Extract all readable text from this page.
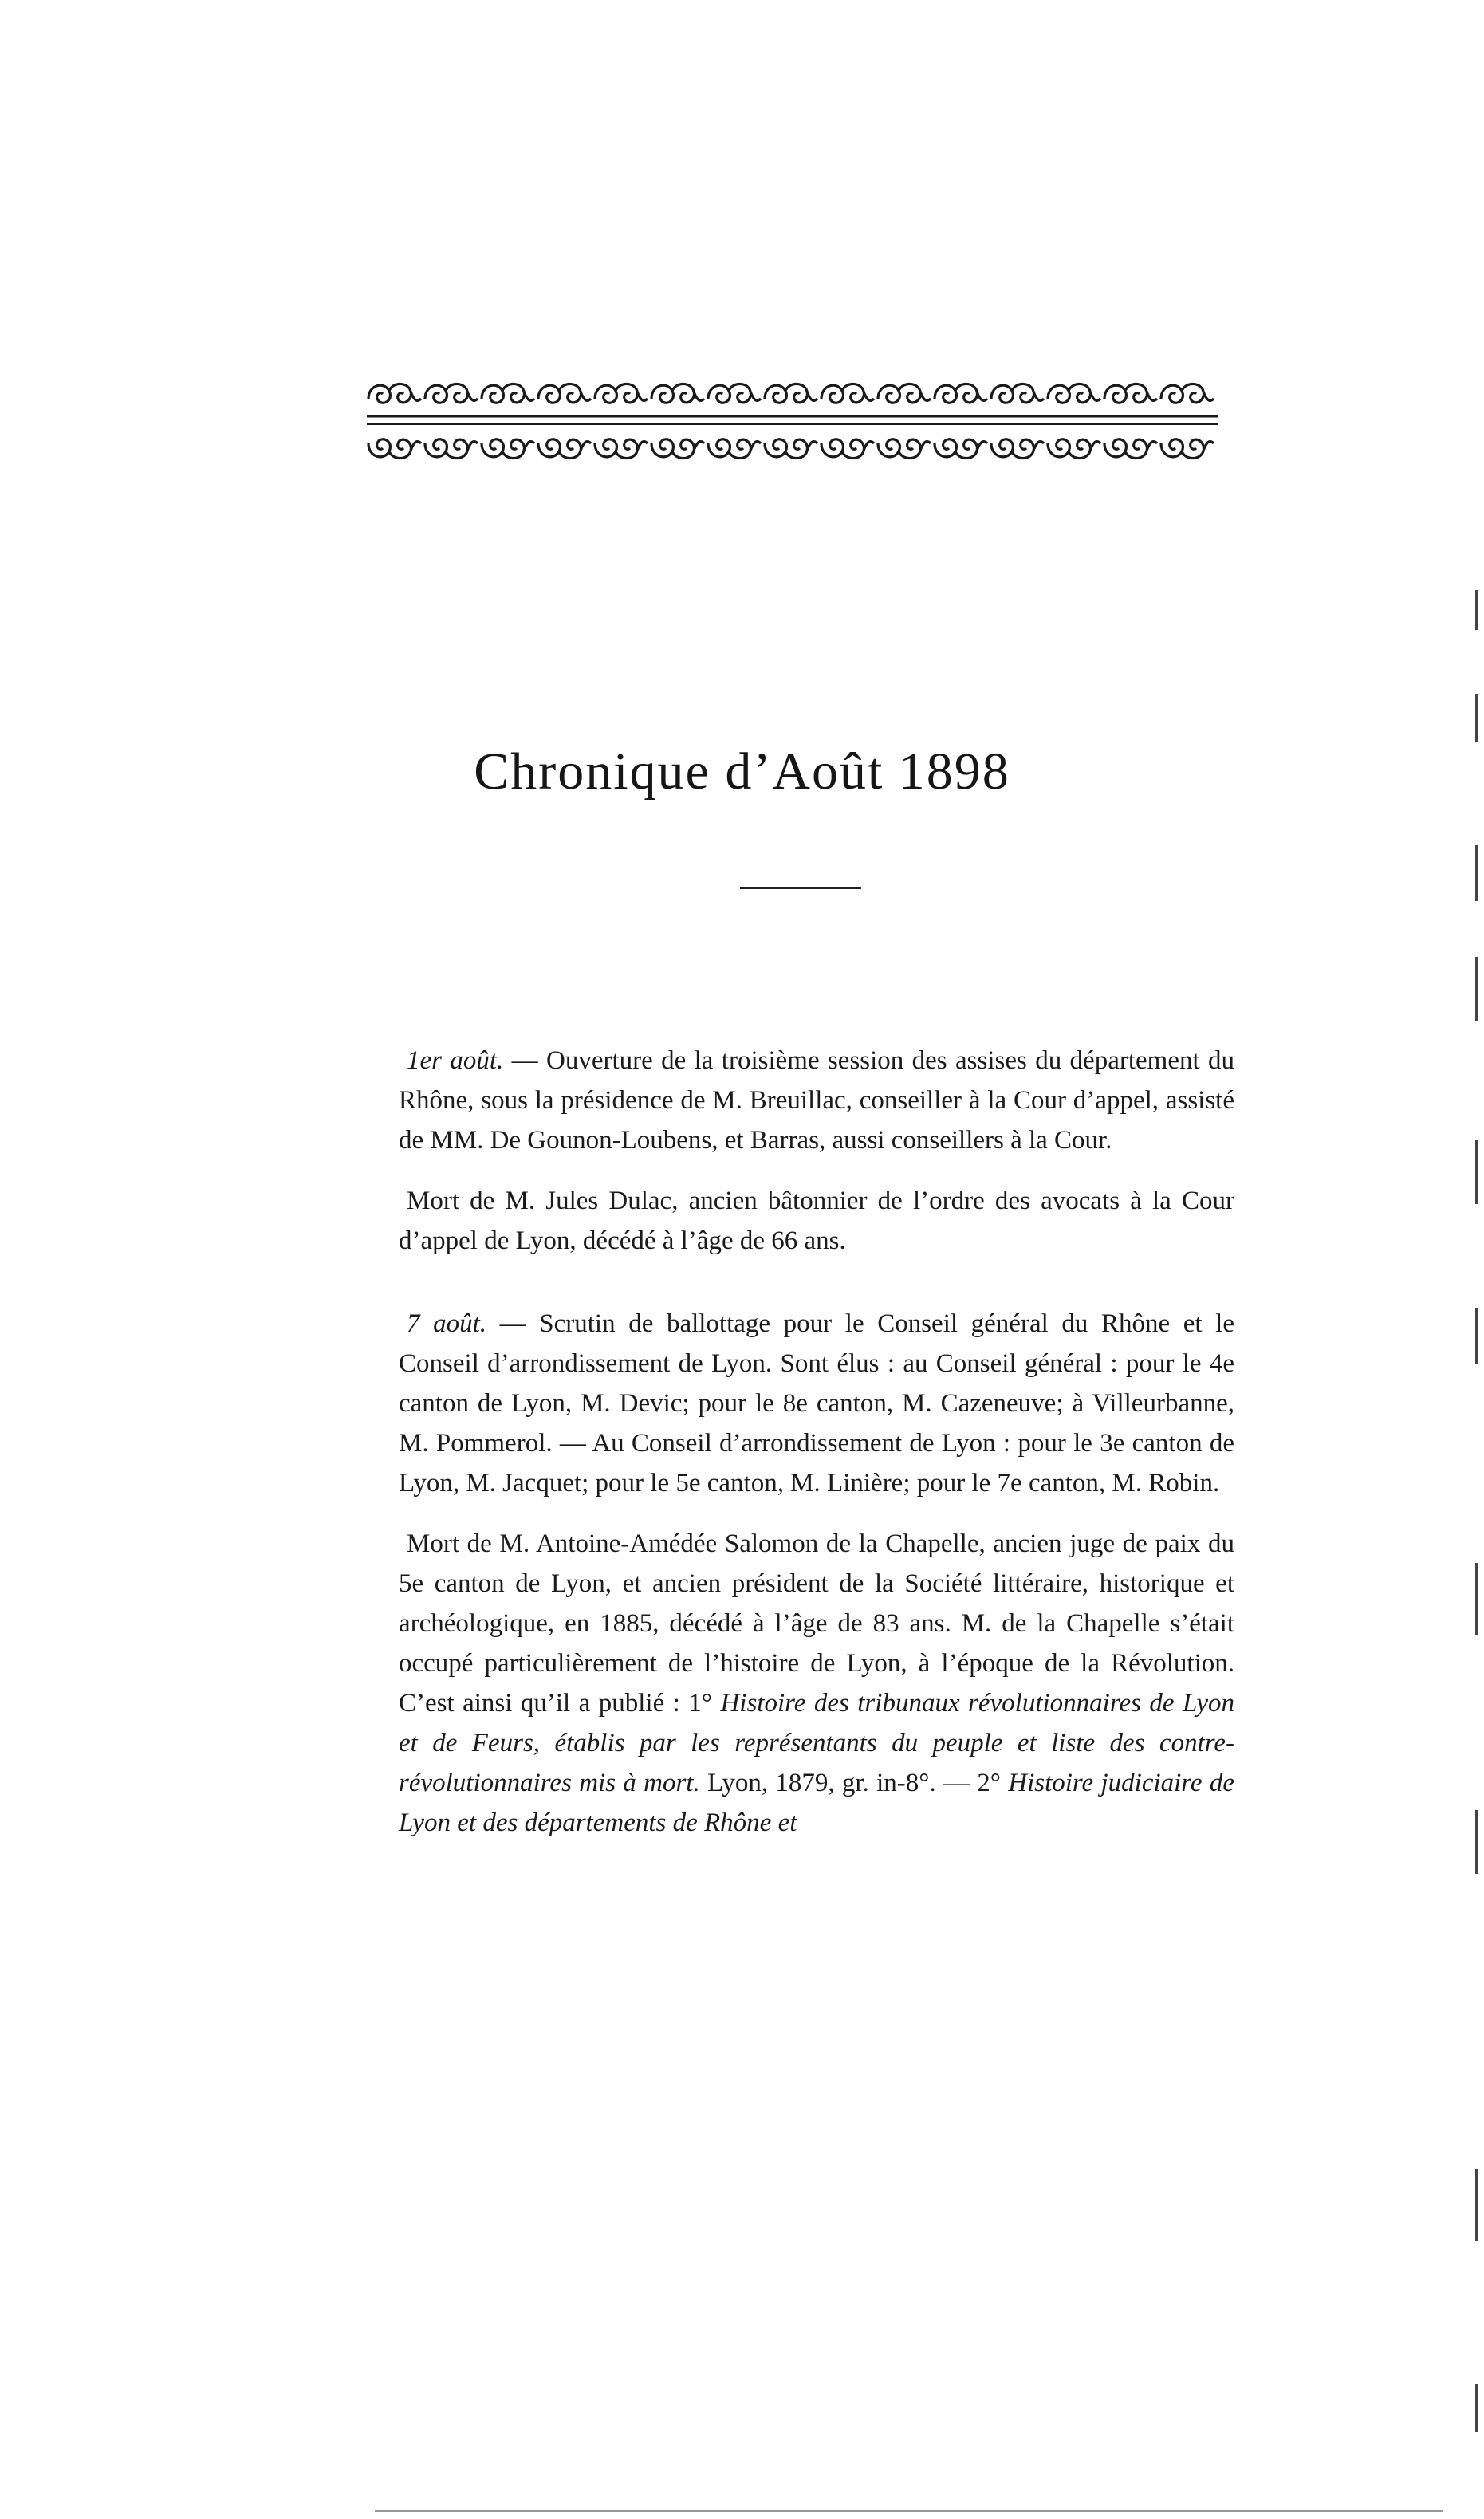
Chronique d’Août 1898

1er août. — Ouverture de la troisième session des assises du département du Rhône, sous la présidence de M. Breuillac, conseiller à la Cour d’appel, assisté de MM. De Gounon-Loubens, et Barras, aussi conseillers à la Cour.

Mort de M. Jules Dulac, ancien bâtonnier de l’ordre des avocats à la Cour d’appel de Lyon, décédé à l’âge de 66 ans.

7 août. — Scrutin de ballottage pour le Conseil général du Rhône et le Conseil d’arrondissement de Lyon. Sont élus : au Conseil général : pour le 4e canton de Lyon, M. Devic; pour le 8e canton, M. Cazeneuve; à Villeurbanne, M. Pommerol. — Au Conseil d’arrondissement de Lyon : pour le 3e canton de Lyon, M. Jacquet; pour le 5e canton, M. Linière; pour le 7e canton, M. Robin.

Mort de M. Antoine-Amédée Salomon de la Chapelle, ancien juge de paix du 5e canton de Lyon, et ancien président de la Société littéraire, historique et archéologique, en 1885, décédé à l’âge de 83 ans. M. de la Chapelle s’était occupé particulièrement de l’histoire de Lyon, à l’époque de la Révolution. C’est ainsi qu’il a publié : 1° Histoire des tribunaux révolutionnaires de Lyon et de Feurs, établis par les représentants du peuple et liste des contre-révolutionnaires mis à mort. Lyon, 1879, gr. in-8°. — 2° Histoire judiciaire de Lyon et des départements de Rhône et
